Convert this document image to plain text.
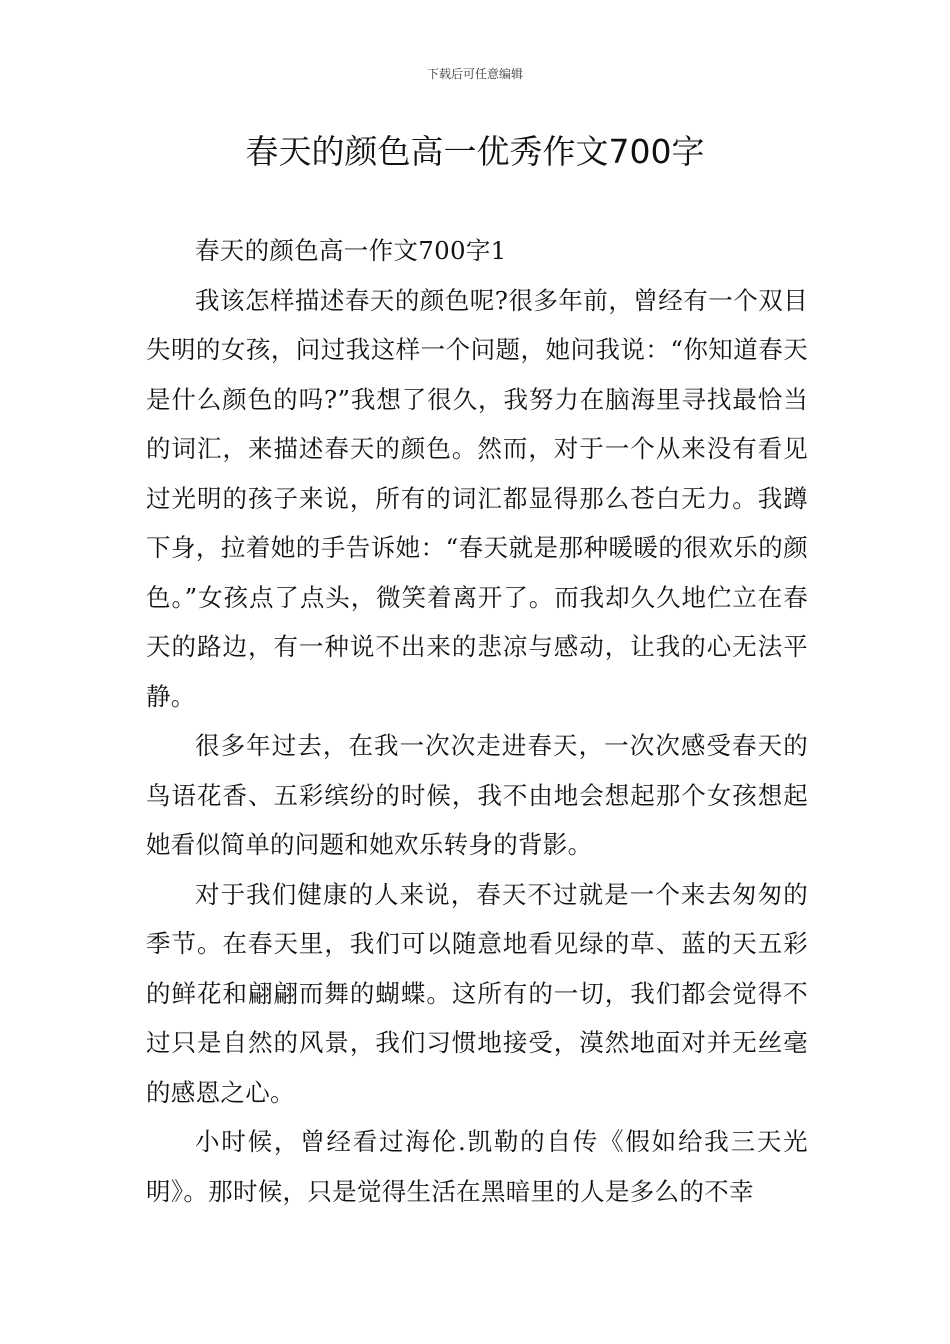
下载后可任意编辑
春天的颜色高一优秀作文700字

春天的颜色高一作文700字1

我该怎样描述春天的颜色呢?很多年前，曾经有一个双目失明的女孩，问过我这样一个问题，她问我说：“你知道春天是什么颜色的吗?”我想了很久，我努力在脑海里寻找最恰当的词汇，来描述春天的颜色。然而，对于一个从来没有看见过光明的孩子来说，所有的词汇都显得那么苍白无力。我蹲下身，拉着她的手告诉她：“春天就是那种暖暖的很欢乐的颜色。”女孩点了点头，微笑着离开了。而我却久久地伫立在春天的路边，有一种说不出来的悲凉与感动，让我的心无法平静。

很多年过去，在我一次次走进春天，一次次感受春天的鸟语花香、五彩缤纷的时候，我不由地会想起那个女孩想起她看似简单的问题和她欢乐转身的背影。

对于我们健康的人来说，春天不过就是一个来去匆匆的季节。在春天里，我们可以随意地看见绿的草、蓝的天五彩的鲜花和翩翩而舞的蝴蝶。这所有的一切，我们都会觉得不过只是自然的风景，我们习惯地接受，漠然地面对并无丝毫的感恩之心。

小时候，曾经看过海伦.凯勒的自传《假如给我三天光明》。那时候，只是觉得生活在黑暗里的人是多么的不幸
